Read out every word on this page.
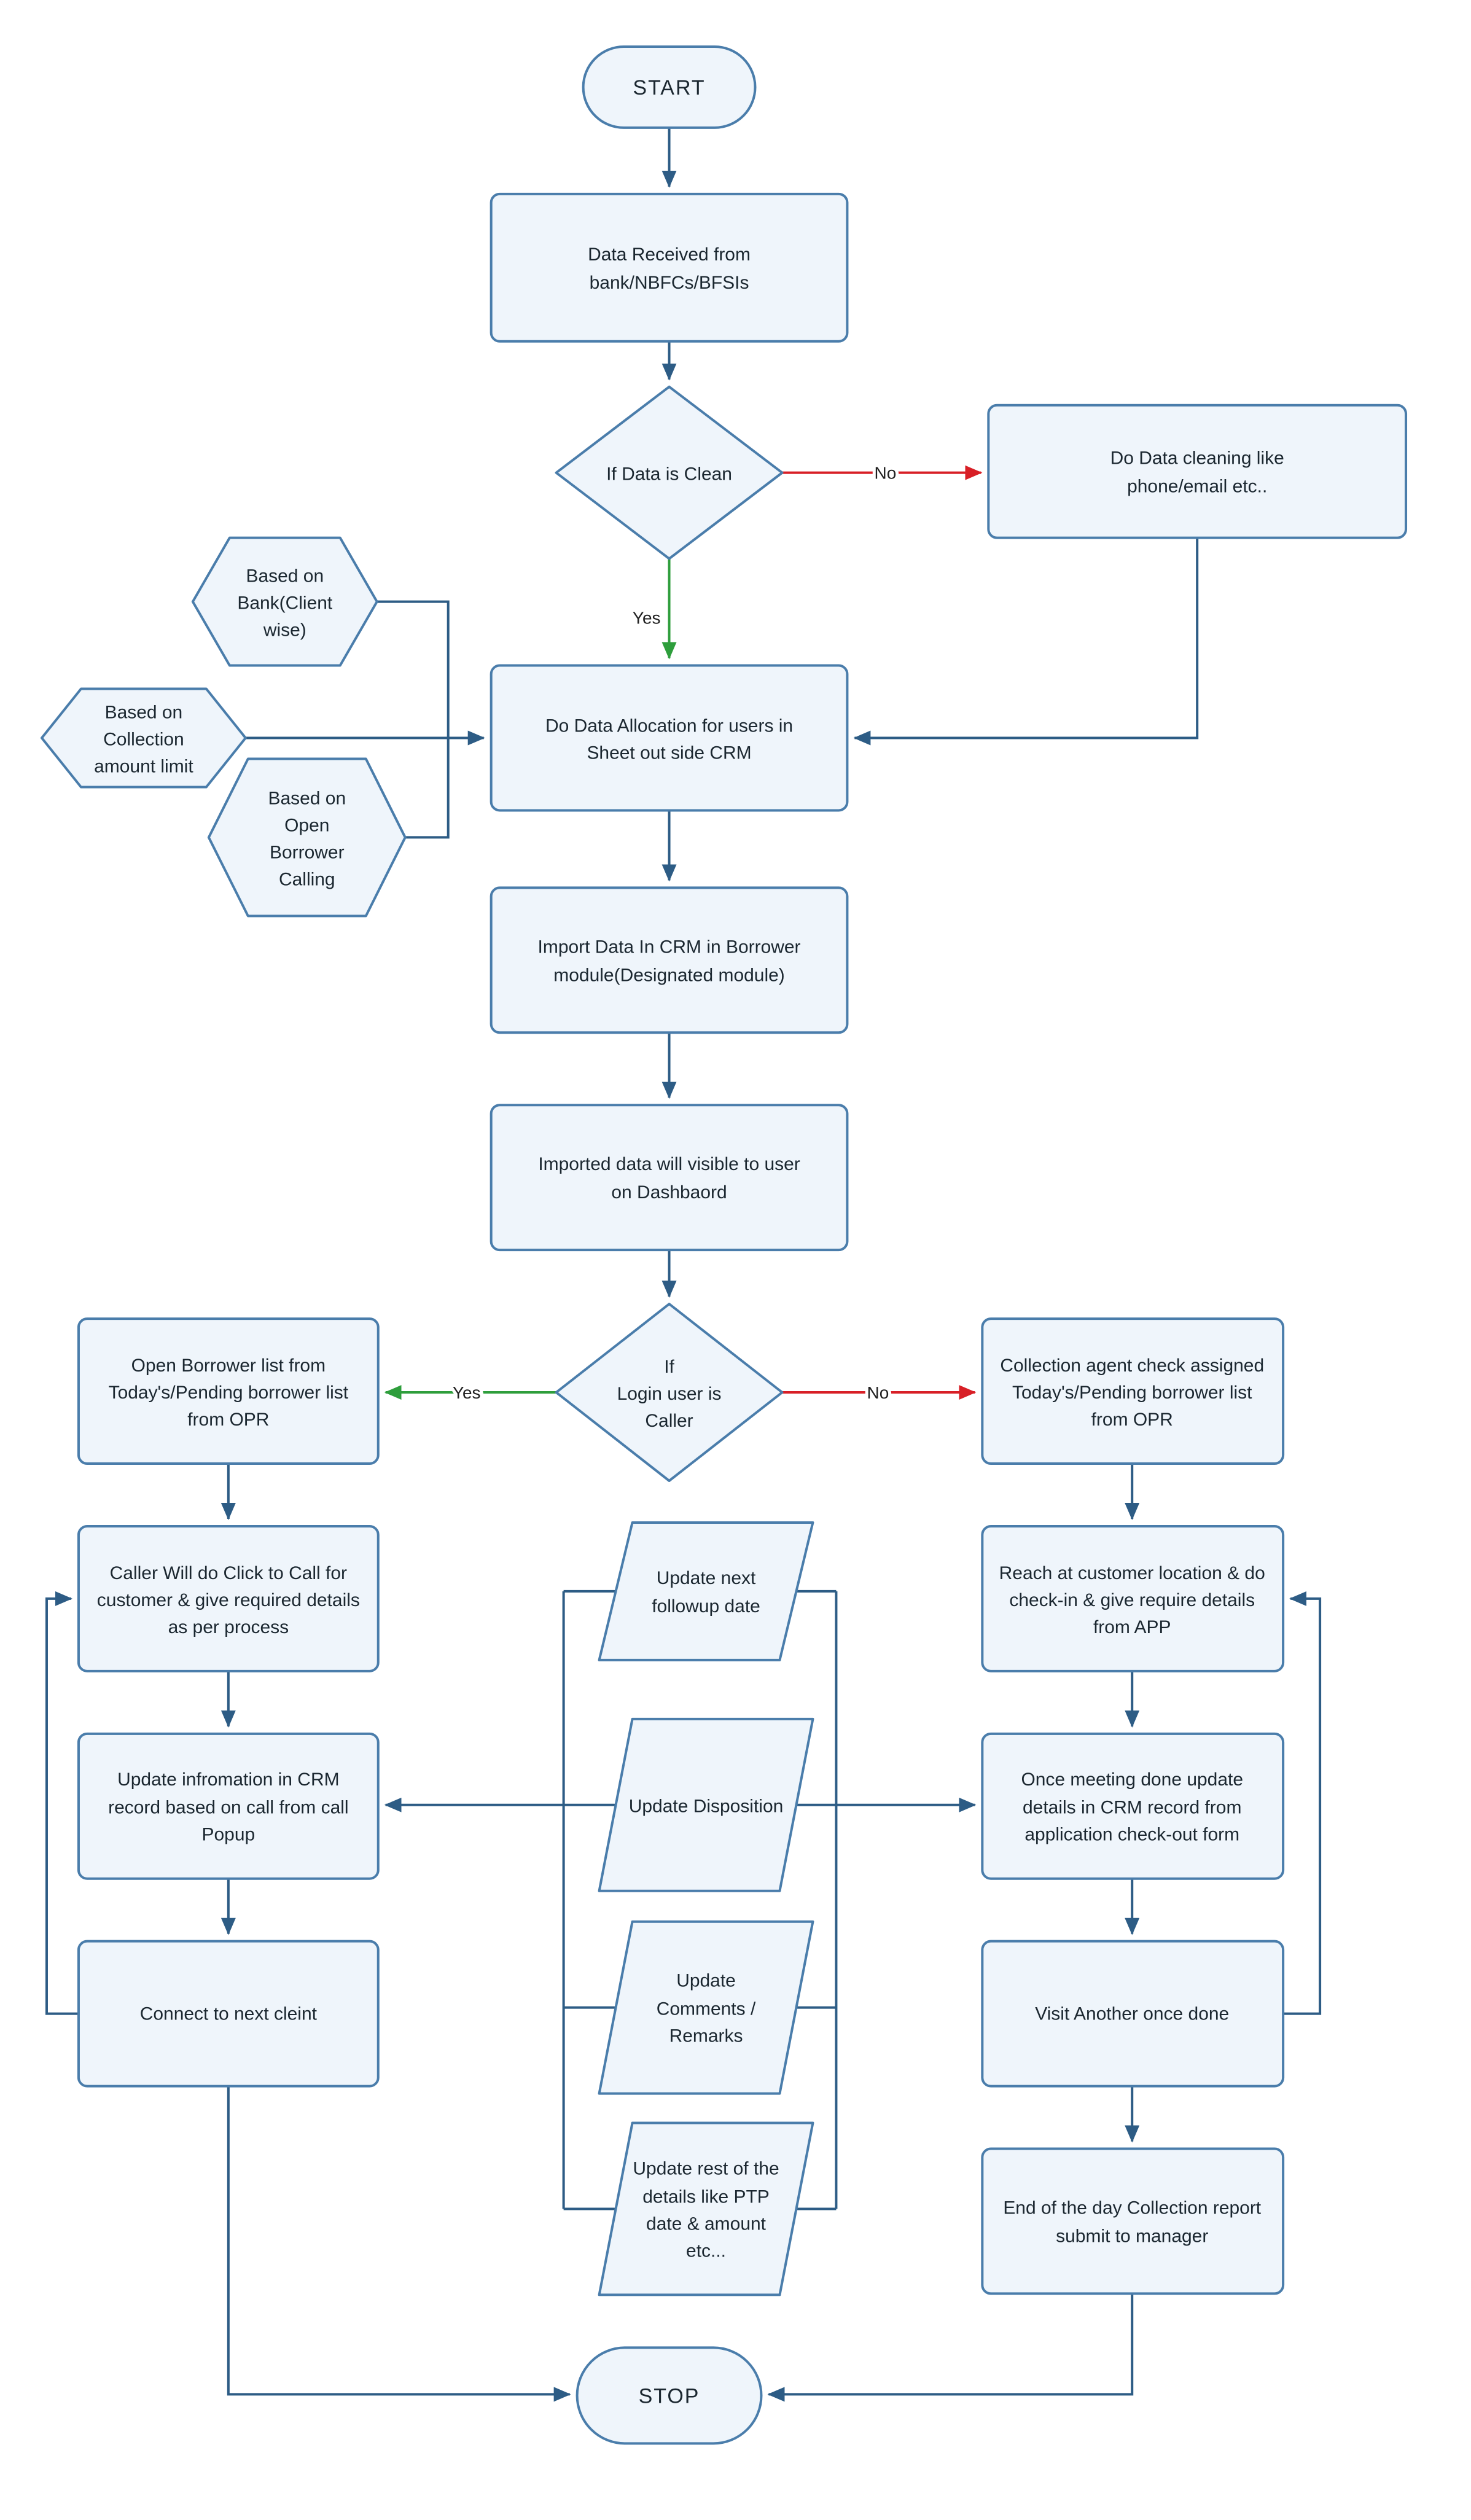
START
Data Received from bank/NBFCs/BFSIs
If Data is Clean
Do Data cleaning like phone/email etc..
Based on Bank(Client wise)
Based on Collection amount limit
Based on Open Borrower Calling
Do Data Allocation for users in Sheet out side CRM
Import Data In CRM in Borrower module(Designated module)
Imported data will visible to user on Dashbaord
If Login user is Caller
Open Borrower list from Today's/Pending borrower list from OPR
Collection agent check assigned Today's/Pending borrower list from OPR
Caller Will do Click to Call for customer & give required details as per process
Reach at customer location & do check-in & give require details from APP
Update next followup date
Update infromation in CRM record based on call from call Popup
Update Disposition
Once meeting done update details in CRM record from application check-out form
Connect to next cleint
Update Comments / Remarks
Visit Another once done
Update rest of the details like PTP date & amount etc...
End of the day Collection report submit to manager
STOP
No
Yes
Yes	No
